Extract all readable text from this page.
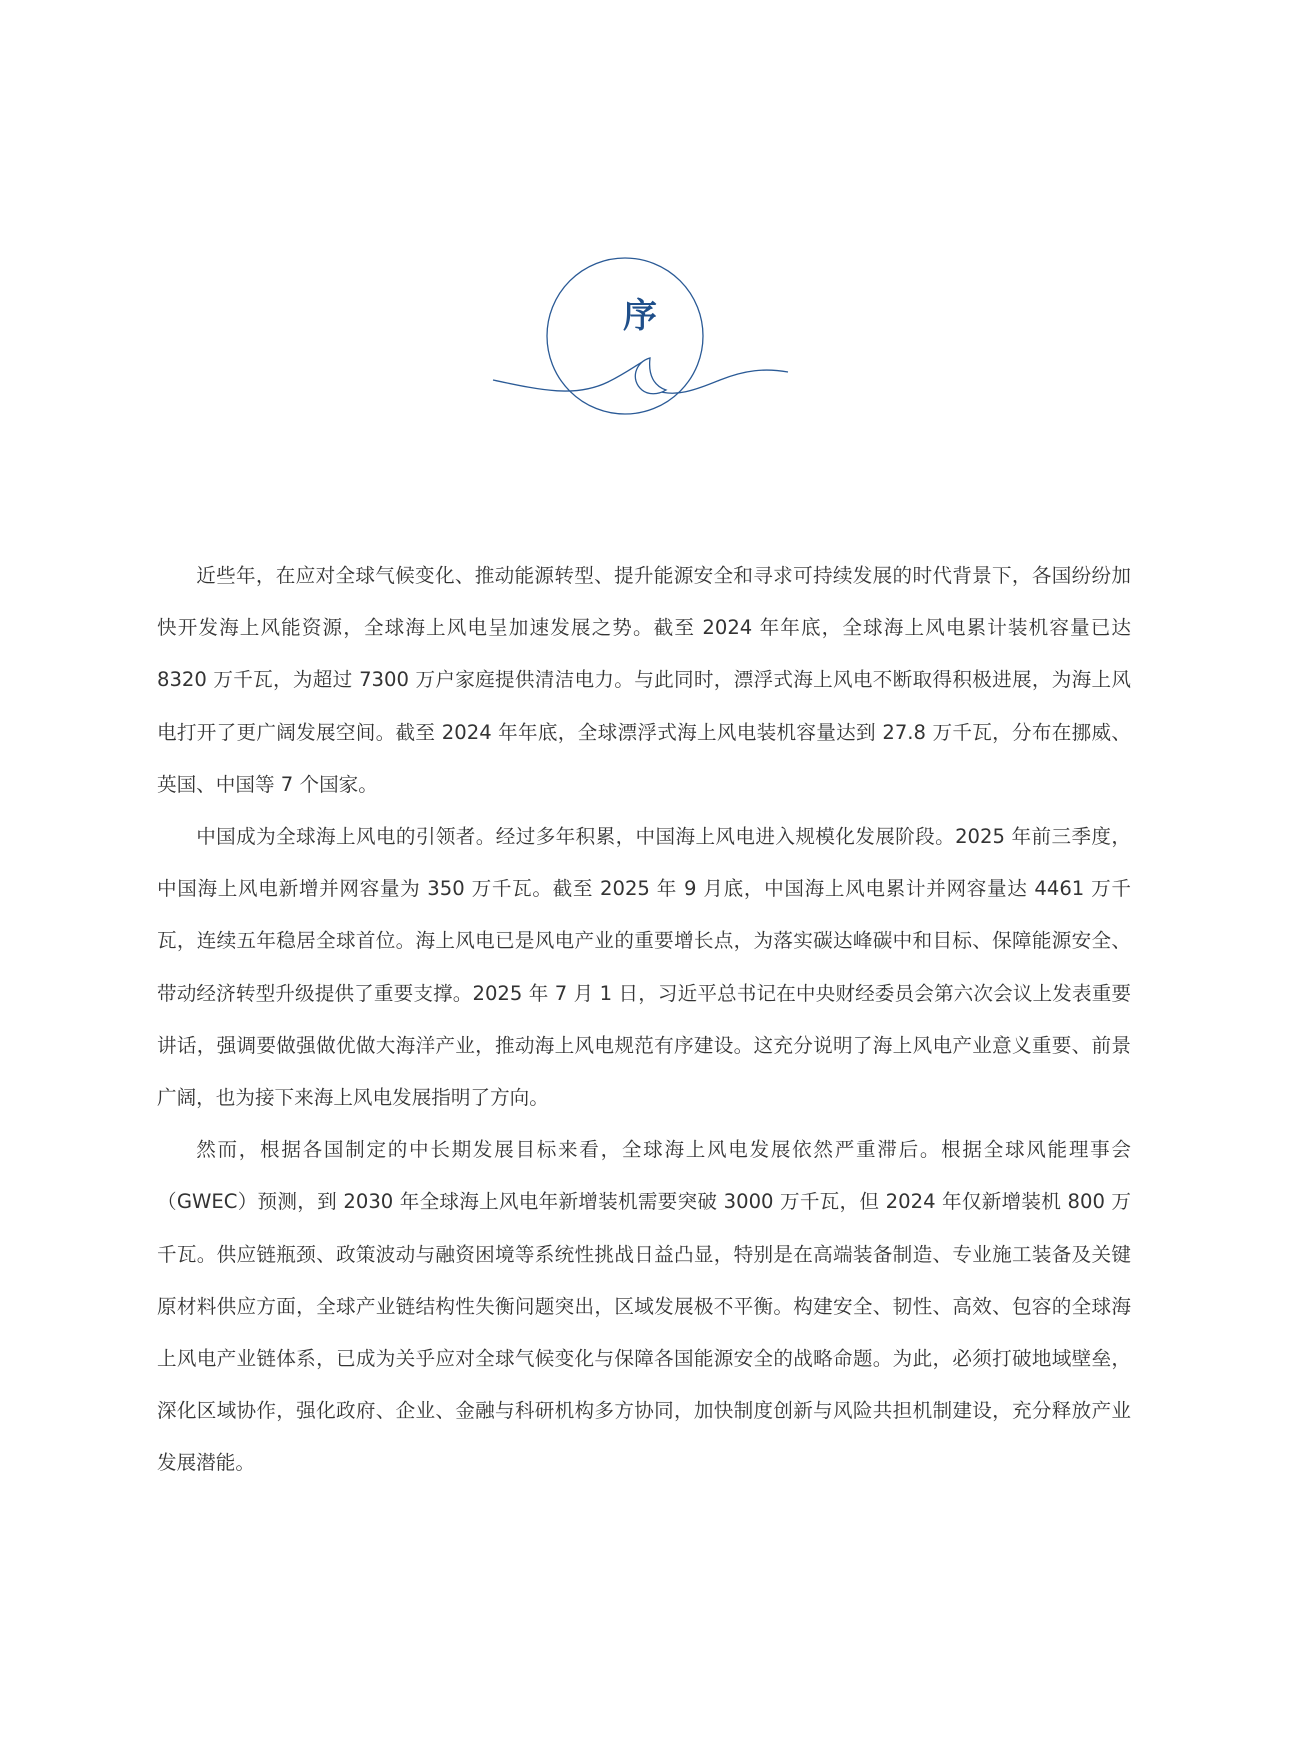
序

近些年，在应对全球气候变化、推动能源转型、提升能源安全和寻求可持续发展的时代背景下，各国纷纷加快开发海上风能资源，全球海上风电呈加速发展之势。截至 2024 年年底，全球海上风电累计装机容量已达 8320 万千瓦，为超过 7300 万户家庭提供清洁电力。与此同时，漂浮式海上风电不断取得积极进展，为海上风电打开了更广阔发展空间。截至 2024 年年底，全球漂浮式海上风电装机容量达到 27.8 万千瓦，分布在挪威、英国、中国等 7 个国家。

中国成为全球海上风电的引领者。经过多年积累，中国海上风电进入规模化发展阶段。2025 年前三季度，中国海上风电新增并网容量为 350 万千瓦。截至 2025 年 9 月底，中国海上风电累计并网容量达 4461 万千瓦，连续五年稳居全球首位。海上风电已是风电产业的重要增长点，为落实碳达峰碳中和目标、保障能源安全、带动经济转型升级提供了重要支撑。2025 年 7 月 1 日，习近平总书记在中央财经委员会第六次会议上发表重要讲话，强调要做强做优做大海洋产业，推动海上风电规范有序建设。这充分说明了海上风电产业意义重要、前景广阔，也为接下来海上风电发展指明了方向。

然而，根据各国制定的中长期发展目标来看，全球海上风电发展依然严重滞后。根据全球风能理事会（GWEC）预测，到 2030 年全球海上风电年新增装机需要突破 3000 万千瓦，但 2024 年仅新增装机 800 万千瓦。供应链瓶颈、政策波动与融资困境等系统性挑战日益凸显，特别是在高端装备制造、专业施工装备及关键原材料供应方面，全球产业链结构性失衡问题突出，区域发展极不平衡。构建安全、韧性、高效、包容的全球海上风电产业链体系，已成为关乎应对全球气候变化与保障各国能源安全的战略命题。为此，必须打破地域壁垒，深化区域协作，强化政府、企业、金融与科研机构多方协同，加快制度创新与风险共担机制建设，充分释放产业发展潜能。
